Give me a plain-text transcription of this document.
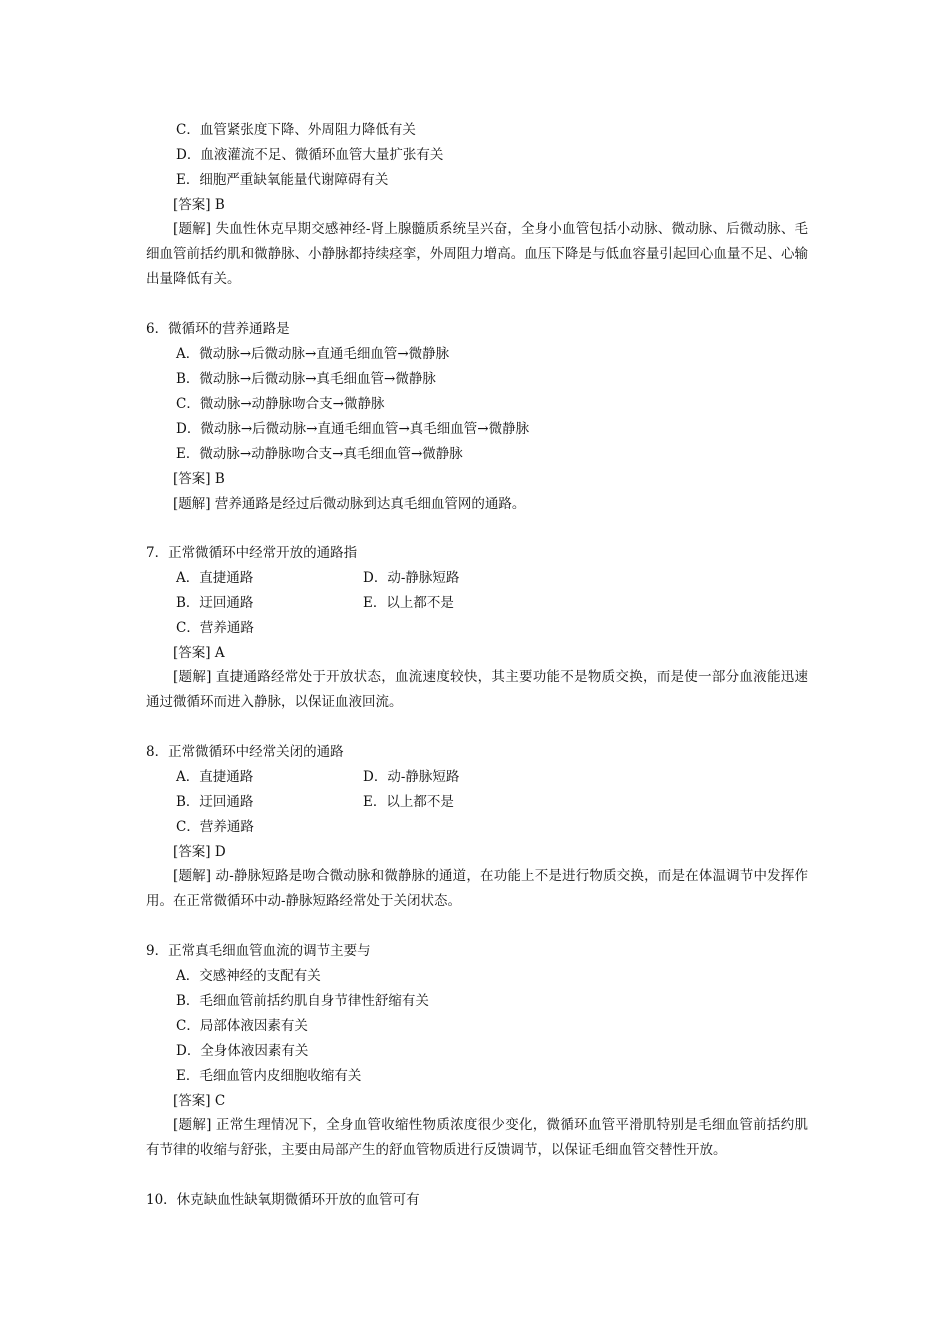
C．血管紧张度下降、外周阻力降低有关
D．血液灌流不足、微循环血管大量扩张有关
E．细胞严重缺氧能量代谢障碍有关
[答案] B
[题解] 失血性休克早期交感神经-肾上腺髓质系统呈兴奋，全身小血管包括小动脉、微动脉、后微动脉、毛细血管前括约肌和微静脉、小静脉都持续痉挛，外周阻力增高。血压下降是与低血容量引起回心血量不足、心输出量降低有关。
6．微循环的营养通路是
A．微动脉→后微动脉→直通毛细血管→微静脉
B．微动脉→后微动脉→真毛细血管→微静脉
C．微动脉→动静脉吻合支→微静脉
D．微动脉→后微动脉→直通毛细血管→真毛细血管→微静脉
E．微动脉→动静脉吻合支→真毛细血管→微静脉
[答案] B
[题解] 营养通路是经过后微动脉到达真毛细血管网的通路。
7．正常微循环中经常开放的通路指
A．直捷通路	D．动-静脉短路
B．迂回通路	E．以上都不是
C．营养通路
[答案] A
[题解] 直捷通路经常处于开放状态，血流速度较快，其主要功能不是物质交换，而是使一部分血液能迅速通过微循环而进入静脉，以保证血液回流。
8．正常微循环中经常关闭的通路
A．直捷通路	D．动-静脉短路
B．迂回通路	E．以上都不是
C．营养通路
[答案] D
[题解] 动-静脉短路是吻合微动脉和微静脉的通道，在功能上不是进行物质交换，而是在体温调节中发挥作用。在正常微循环中动-静脉短路经常处于关闭状态。
9．正常真毛细血管血流的调节主要与
A．交感神经的支配有关
B．毛细血管前括约肌自身节律性舒缩有关
C．局部体液因素有关
D．全身体液因素有关
E．毛细血管内皮细胞收缩有关
[答案] C
[题解] 正常生理情况下，全身血管收缩性物质浓度很少变化，微循环血管平滑肌特别是毛细血管前括约肌有节律的收缩与舒张，主要由局部产生的舒血管物质进行反馈调节，以保证毛细血管交替性开放。
10．休克缺血性缺氧期微循环开放的血管可有
